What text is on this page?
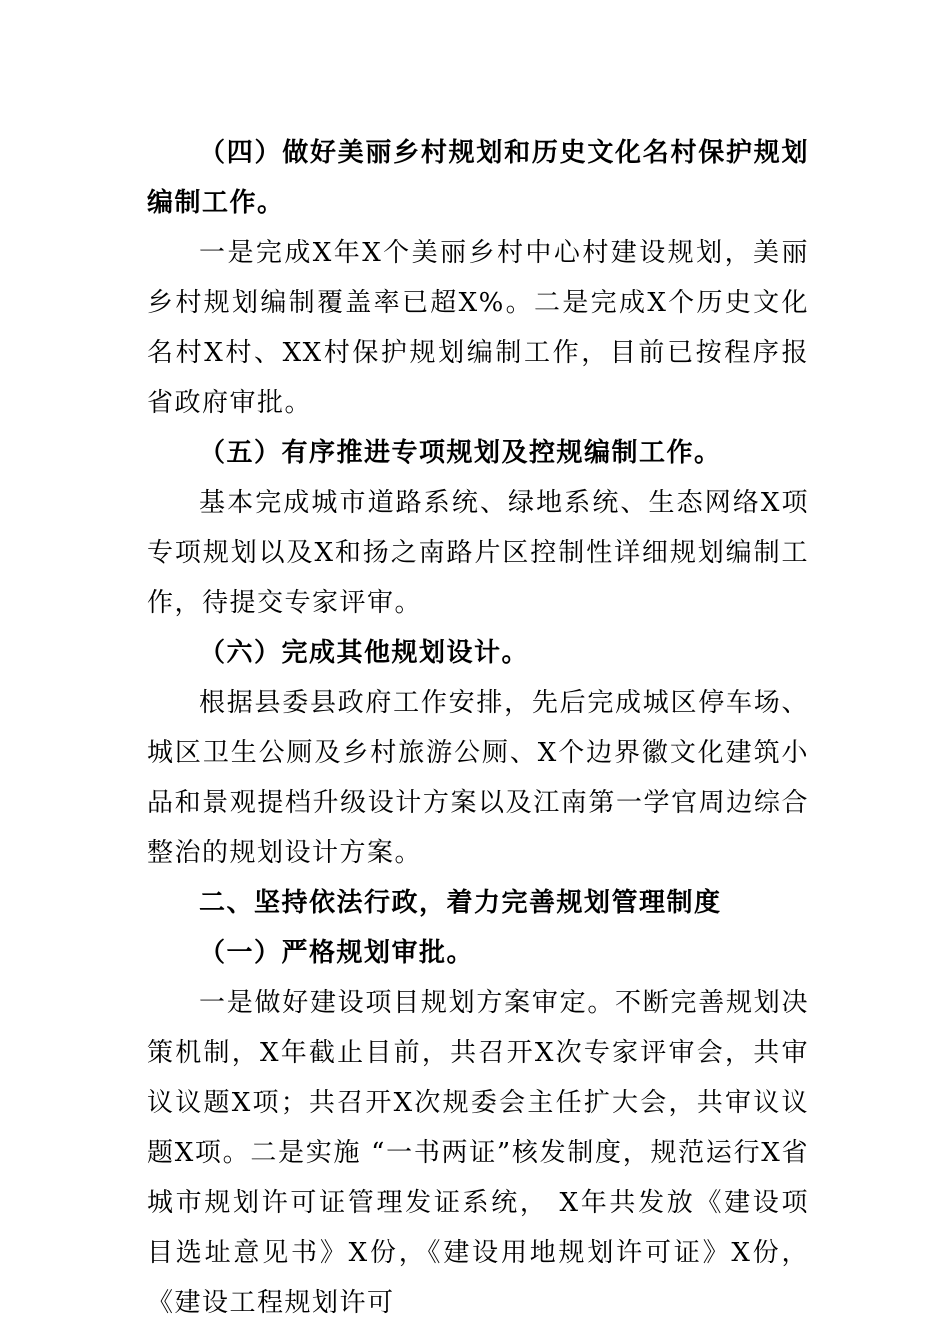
（四）做好美丽乡村规划和历史文化名村保护规划编制工作。

一是完成X年X个美丽乡村中心村建设规划，美丽乡村规划编制覆盖率已超X%。二是完成X个历史文化名村X村、XX村保护规划编制工作，目前已按程序报省政府审批。

（五）有序推进专项规划及控规编制工作。

基本完成城市道路系统、绿地系统、生态网络X项专项规划以及X和扬之南路片区控制性详细规划编制工作，待提交专家评审。

（六）完成其他规划设计。

根据县委县政府工作安排，先后完成城区停车场、城区卫生公厕及乡村旅游公厕、X个边界徽文化建筑小品和景观提档升级设计方案以及江南第一学官周边综合整治的规划设计方案。

二、坚持依法行政，着力完善规划管理制度

（一）严格规划审批。

一是做好建设项目规划方案审定。不断完善规划决策机制，X年截止目前，共召开X次专家评审会，共审议议题X项；共召开X次规委会主任扩大会，共审议议题X项。二是实施 “一书两证”核发制度，规范运行X省城市规划许可证管理发证系统， X年共发放《建设项目选址意见书》X份，《建设用地规划许可证》X份，《建设工程规划许可
